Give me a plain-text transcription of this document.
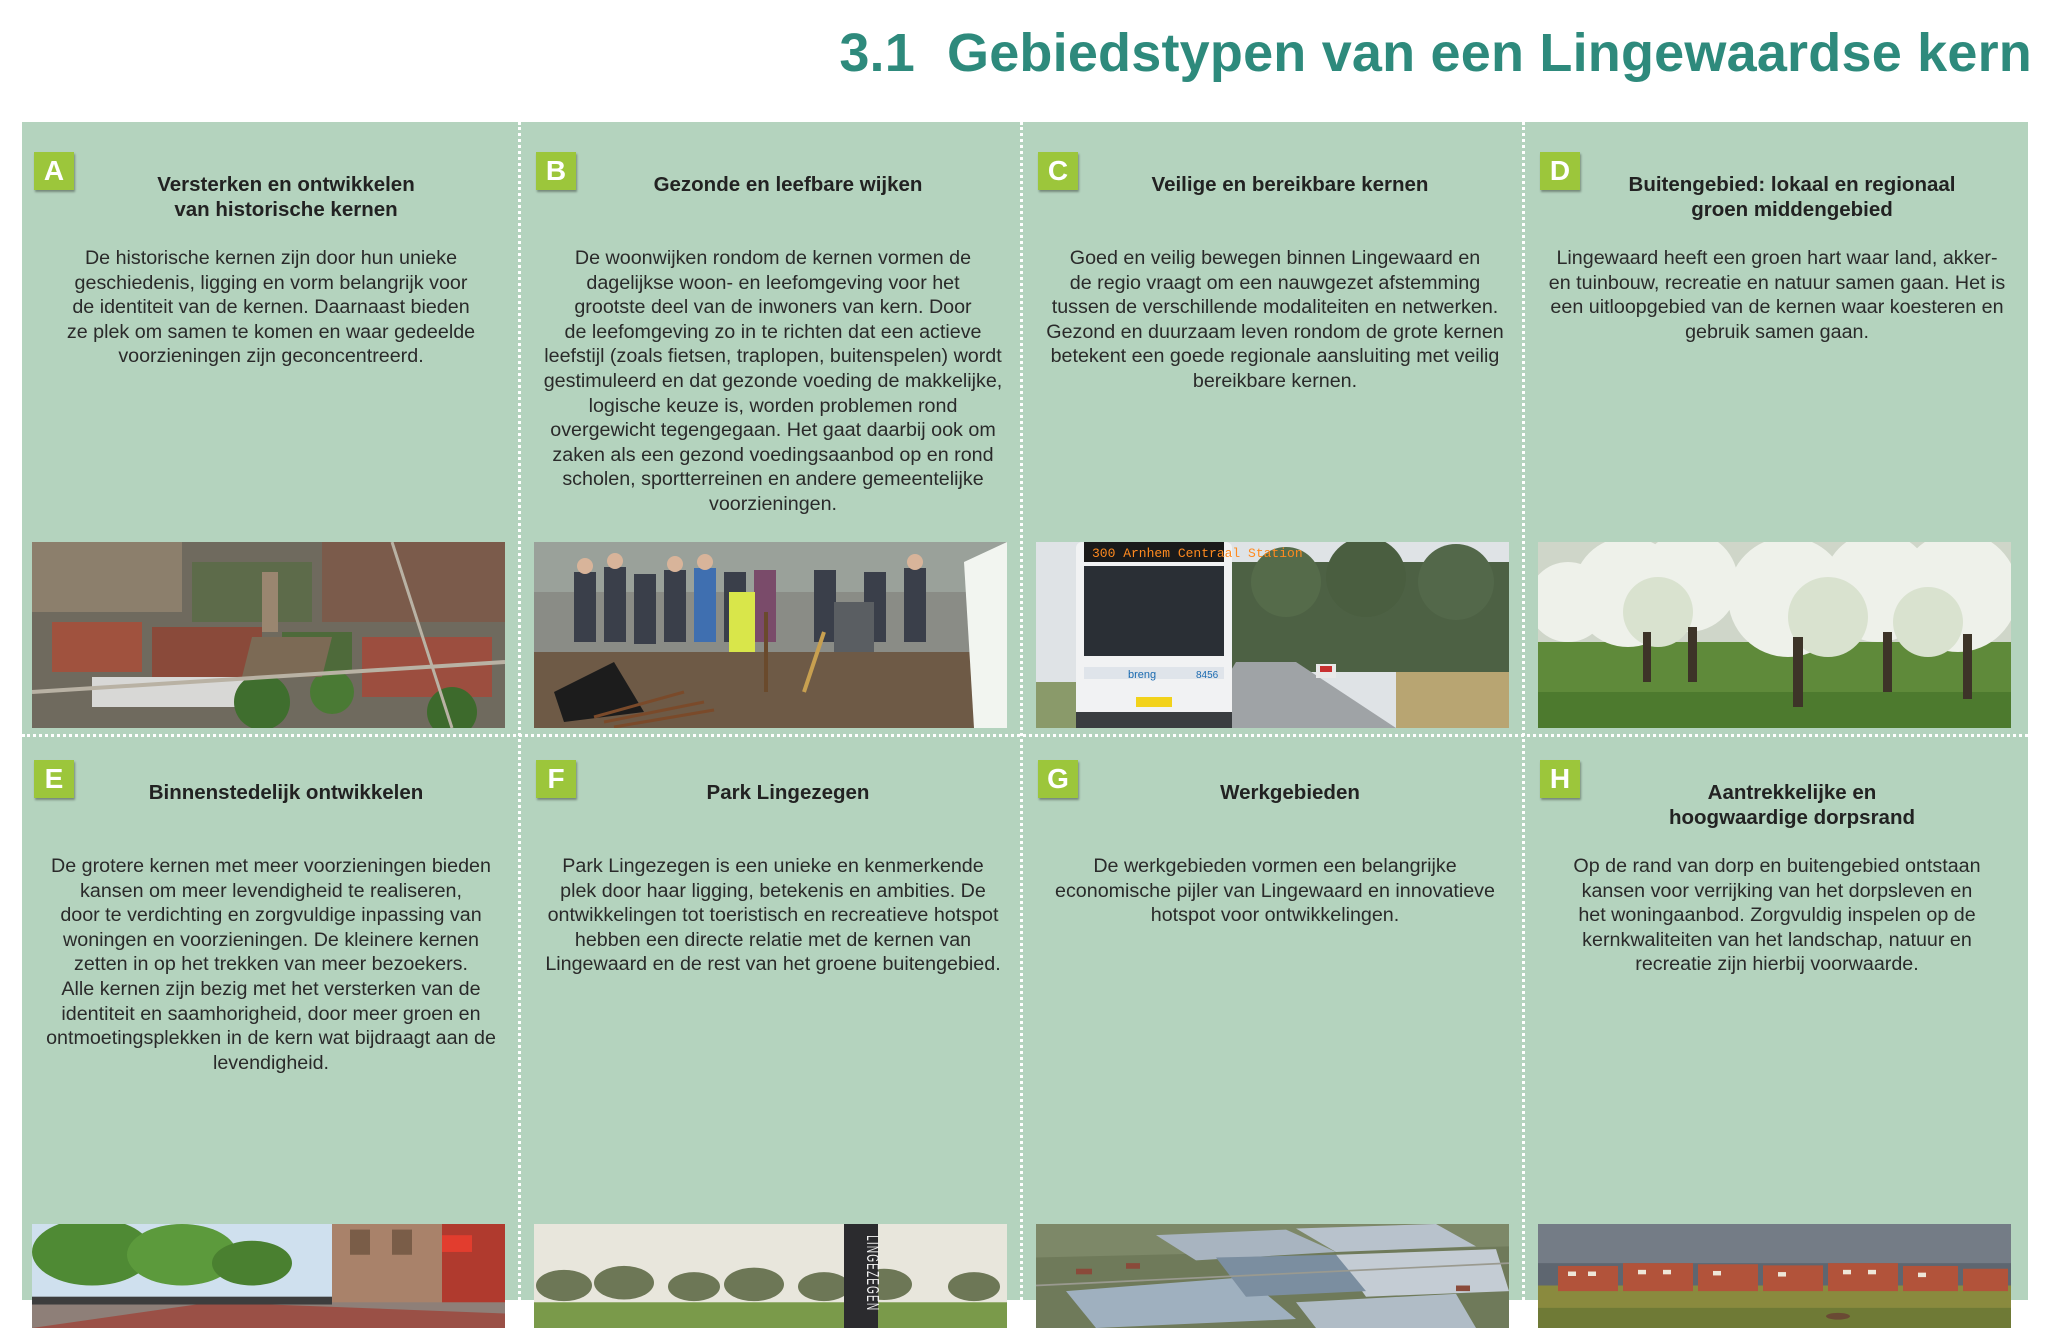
3.1 Gebiedstypen van een Lingewaardse kern
A	Versterken en ontwikkelen
van historische kernen

De historische kernen zijn door hun unieke
geschiedenis, ligging en vorm belangrijk voor
de identiteit van de kernen. Daarnaast bieden
ze plek om samen te komen en waar gedeelde
voorzieningen zijn geconcentreerd.

B	Gezonde en leefbare wijken

De woonwijken rondom de kernen vormen de
dagelijkse woon- en leefomgeving voor het
grootste deel van de inwoners van kern. Door
de leefomgeving zo in te richten dat een actieve
leefstijl (zoals fietsen, traplopen, buitenspelen) wordt
gestimuleerd en dat gezonde voeding de makkelijke,
logische keuze is, worden problemen rond
overgewicht tegengegaan. Het gaat daarbij ook om
zaken als een gezond voedingsaanbod op en rond
scholen, sportterreinen en andere gemeentelijke
voorzieningen.

C	Veilige en bereikbare kernen

Goed en veilig bewegen binnen Lingewaard en
de regio vraagt om een nauwgezet afstemming
tussen de verschillende modaliteiten en netwerken.
Gezond en duurzaam leven rondom de grote kernen
betekent een goede regionale aansluiting met veilig
bereikbare kernen.

300 Arnhem Centraal Station
breng	8456
D	Buitengebied: lokaal en regionaal
groen middengebied

Lingewaard heeft een groen hart waar land, akker-
en tuinbouw, recreatie en natuur samen gaan. Het is
een uitloopgebied van de kernen waar koesteren en
gebruik samen gaan.

E	Binnenstedelijk ontwikkelen

De grotere kernen met meer voorzieningen bieden
kansen om meer levendigheid te realiseren,
door te verdichting en zorgvuldige inpassing van
woningen en voorzieningen. De kleinere kernen
zetten in op het trekken van meer bezoekers.
Alle kernen zijn bezig met het versterken van de
identiteit en saamhorigheid, door meer groen en
ontmoetingsplekken in de kern wat bijdraagt aan de
levendigheid.

F	Park Lingezegen

Park Lingezegen is een unieke en kenmerkende
plek door haar ligging, betekenis en ambities. De
ontwikkelingen tot toeristisch en recreatieve hotspot
hebben een directe relatie met de kernen van
Lingewaard en de rest van het groene buitengebied.

LINGEZEGEN
G	Werkgebieden

De werkgebieden vormen een belangrijke
economische pijler van Lingewaard en innovatieve
hotspot voor ontwikkelingen.

H	Aantrekkelijke en
hoogwaardige dorpsrand

Op de rand van dorp en buitengebied ontstaan
kansen voor verrijking van het dorpsleven en
het woningaanbod. Zorgvuldig inspelen op de
kernkwaliteiten van het landschap, natuur en
recreatie zijn hierbij voorwaarde.
